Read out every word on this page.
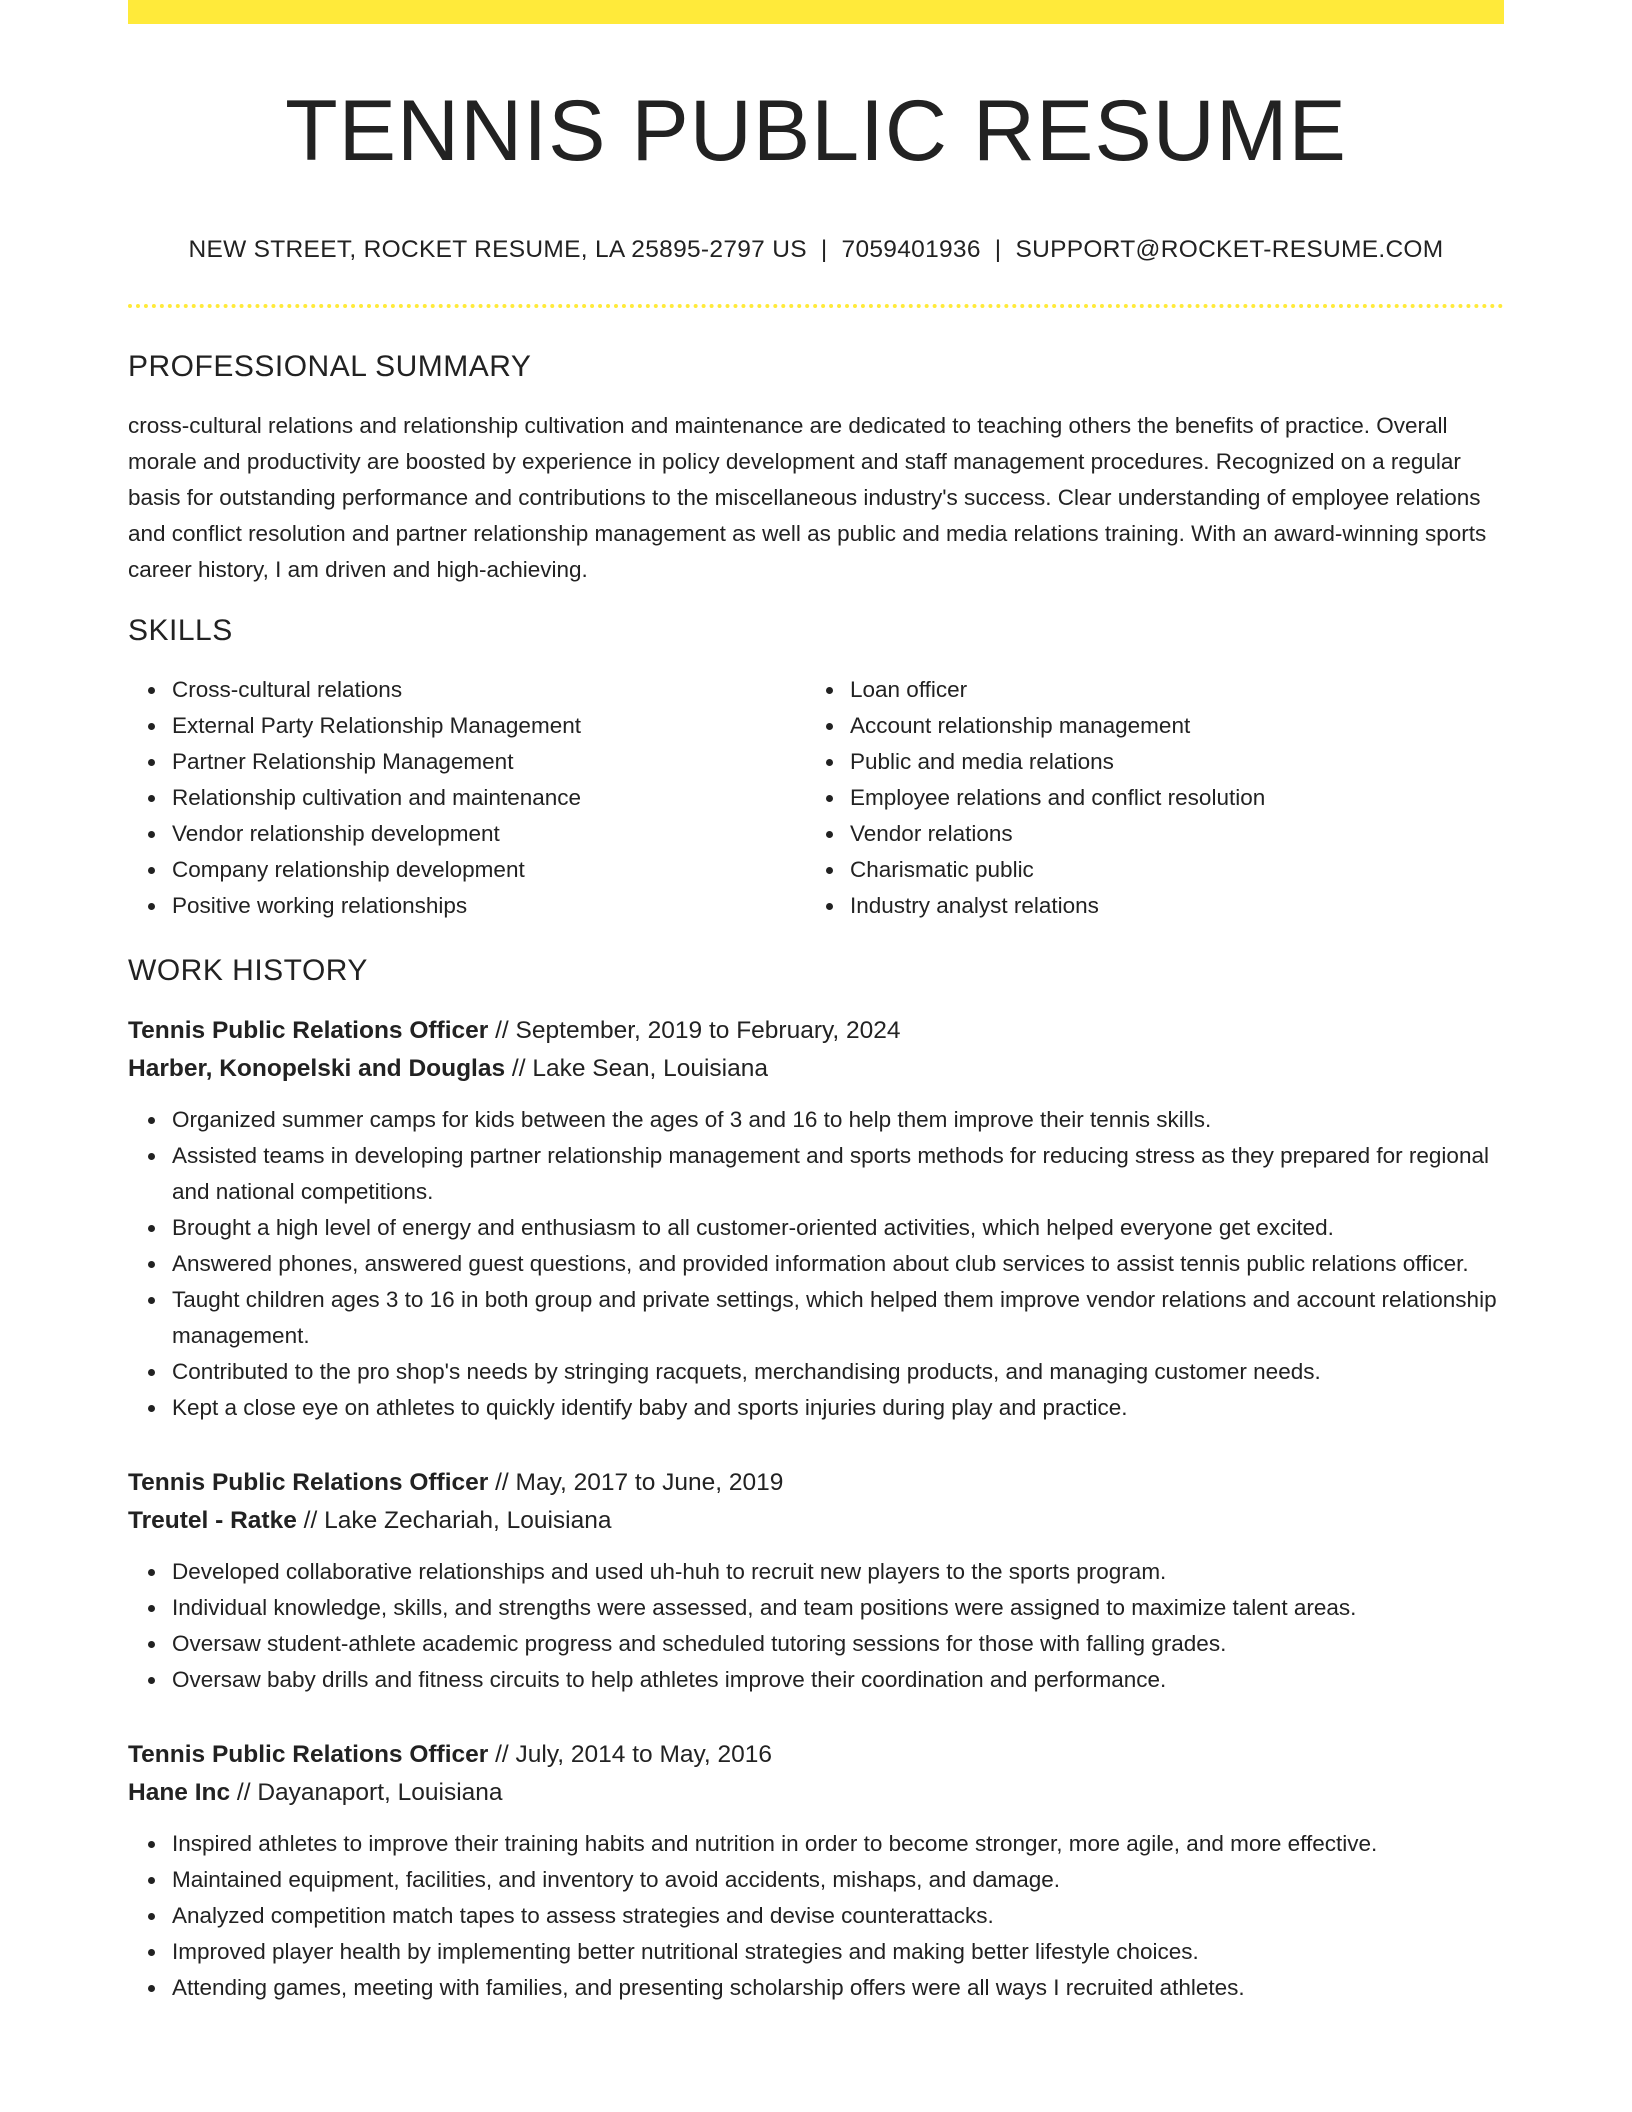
TENNIS PUBLIC RESUME
NEW STREET, ROCKET RESUME, LA 25895-2797 US | 7059401936 | SUPPORT@ROCKET-RESUME.COM
PROFESSIONAL SUMMARY
cross-cultural relations and relationship cultivation and maintenance are dedicated to teaching others the benefits of practice. Overall morale and productivity are boosted by experience in policy development and staff management procedures. Recognized on a regular basis for outstanding performance and contributions to the miscellaneous industry's success. Clear understanding of employee relations and conflict resolution and partner relationship management as well as public and media relations training. With an award-winning sports career history, I am driven and high-achieving.
SKILLS
Cross-cultural relations
External Party Relationship Management
Partner Relationship Management
Relationship cultivation and maintenance
Vendor relationship development
Company relationship development
Positive working relationships
Loan officer
Account relationship management
Public and media relations
Employee relations and conflict resolution
Vendor relations
Charismatic public
Industry analyst relations
WORK HISTORY
Tennis Public Relations Officer // September, 2019 to February, 2024
Harber, Konopelski and Douglas // Lake Sean, Louisiana
Organized summer camps for kids between the ages of 3 and 16 to help them improve their tennis skills.
Assisted teams in developing partner relationship management and sports methods for reducing stress as they prepared for regional and national competitions.
Brought a high level of energy and enthusiasm to all customer-oriented activities, which helped everyone get excited.
Answered phones, answered guest questions, and provided information about club services to assist tennis public relations officer.
Taught children ages 3 to 16 in both group and private settings, which helped them improve vendor relations and account relationship management.
Contributed to the pro shop's needs by stringing racquets, merchandising products, and managing customer needs.
Kept a close eye on athletes to quickly identify baby and sports injuries during play and practice.
Tennis Public Relations Officer // May, 2017 to June, 2019
Treutel - Ratke // Lake Zechariah, Louisiana
Developed collaborative relationships and used uh-huh to recruit new players to the sports program.
Individual knowledge, skills, and strengths were assessed, and team positions were assigned to maximize talent areas.
Oversaw student-athlete academic progress and scheduled tutoring sessions for those with falling grades.
Oversaw baby drills and fitness circuits to help athletes improve their coordination and performance.
Tennis Public Relations Officer // July, 2014 to May, 2016
Hane Inc // Dayanaport, Louisiana
Inspired athletes to improve their training habits and nutrition in order to become stronger, more agile, and more effective.
Maintained equipment, facilities, and inventory to avoid accidents, mishaps, and damage.
Analyzed competition match tapes to assess strategies and devise counterattacks.
Improved player health by implementing better nutritional strategies and making better lifestyle choices.
Attending games, meeting with families, and presenting scholarship offers were all ways I recruited athletes.
